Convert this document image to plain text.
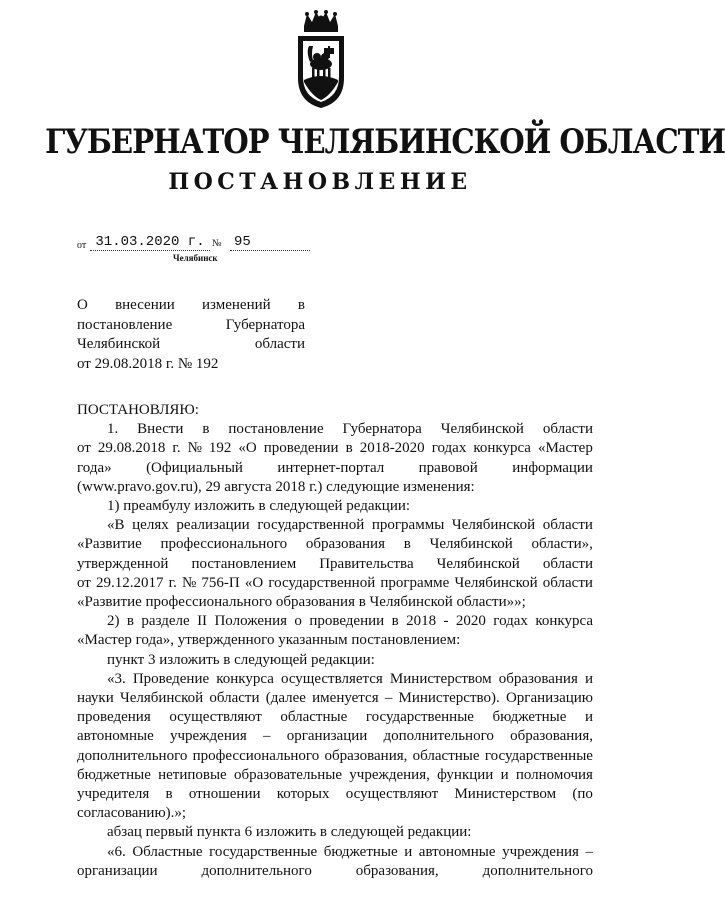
ГУБЕРНАТОР ЧЕЛЯБИНСКОЙ ОБЛАСТИ
ПОСТАНОВЛЕНИЕ
от 31.03.2020 г. № 95
Челябинск
О внесении изменений в
постановление	Губернатора
Челябинской	области
от 29.08.2018 г. № 192
ПОСТАНОВЛЯЮ:
1. Внести в постановление Губернатора Челябинской области
от 29.08.2018 г. № 192 «О проведении в 2018-2020 годах конкурса «Мастер
года» (Официальный интернет-портал правовой информации
(www.pravo.gov.ru), 29 августа 2018 г.) следующие изменения:
1) преамбулу изложить в следующей редакции:
«В целях реализации государственной программы Челябинской области
«Развитие профессионального образования в Челябинской области»,
утвержденной постановлением Правительства Челябинской области
от 29.12.2017 г. № 756-П «О государственной программе Челябинской области
«Развитие профессионального образования в Челябинской области»»;
2) в разделе II Положения о проведении в 2018 - 2020 годах конкурса
«Мастер года», утвержденного указанным постановлением:
пункт 3 изложить в следующей редакции:
«3. Проведение конкурса осуществляется Министерством образования и
науки Челябинской области (далее именуется – Министерство). Организацию
проведения осуществляют областные государственные бюджетные и
автономные учреждения – организации дополнительного образования,
дополнительного профессионального образования, областные государственные
бюджетные нетиповые образовательные учреждения, функции и полномочия
учредителя в отношении которых осуществляют Министерством (по
согласованию).»;
абзац первый пункта 6 изложить в следующей редакции:
«6. Областные государственные бюджетные и автономные учреждения –
организации	дополнительного	образования,	дополнительного
